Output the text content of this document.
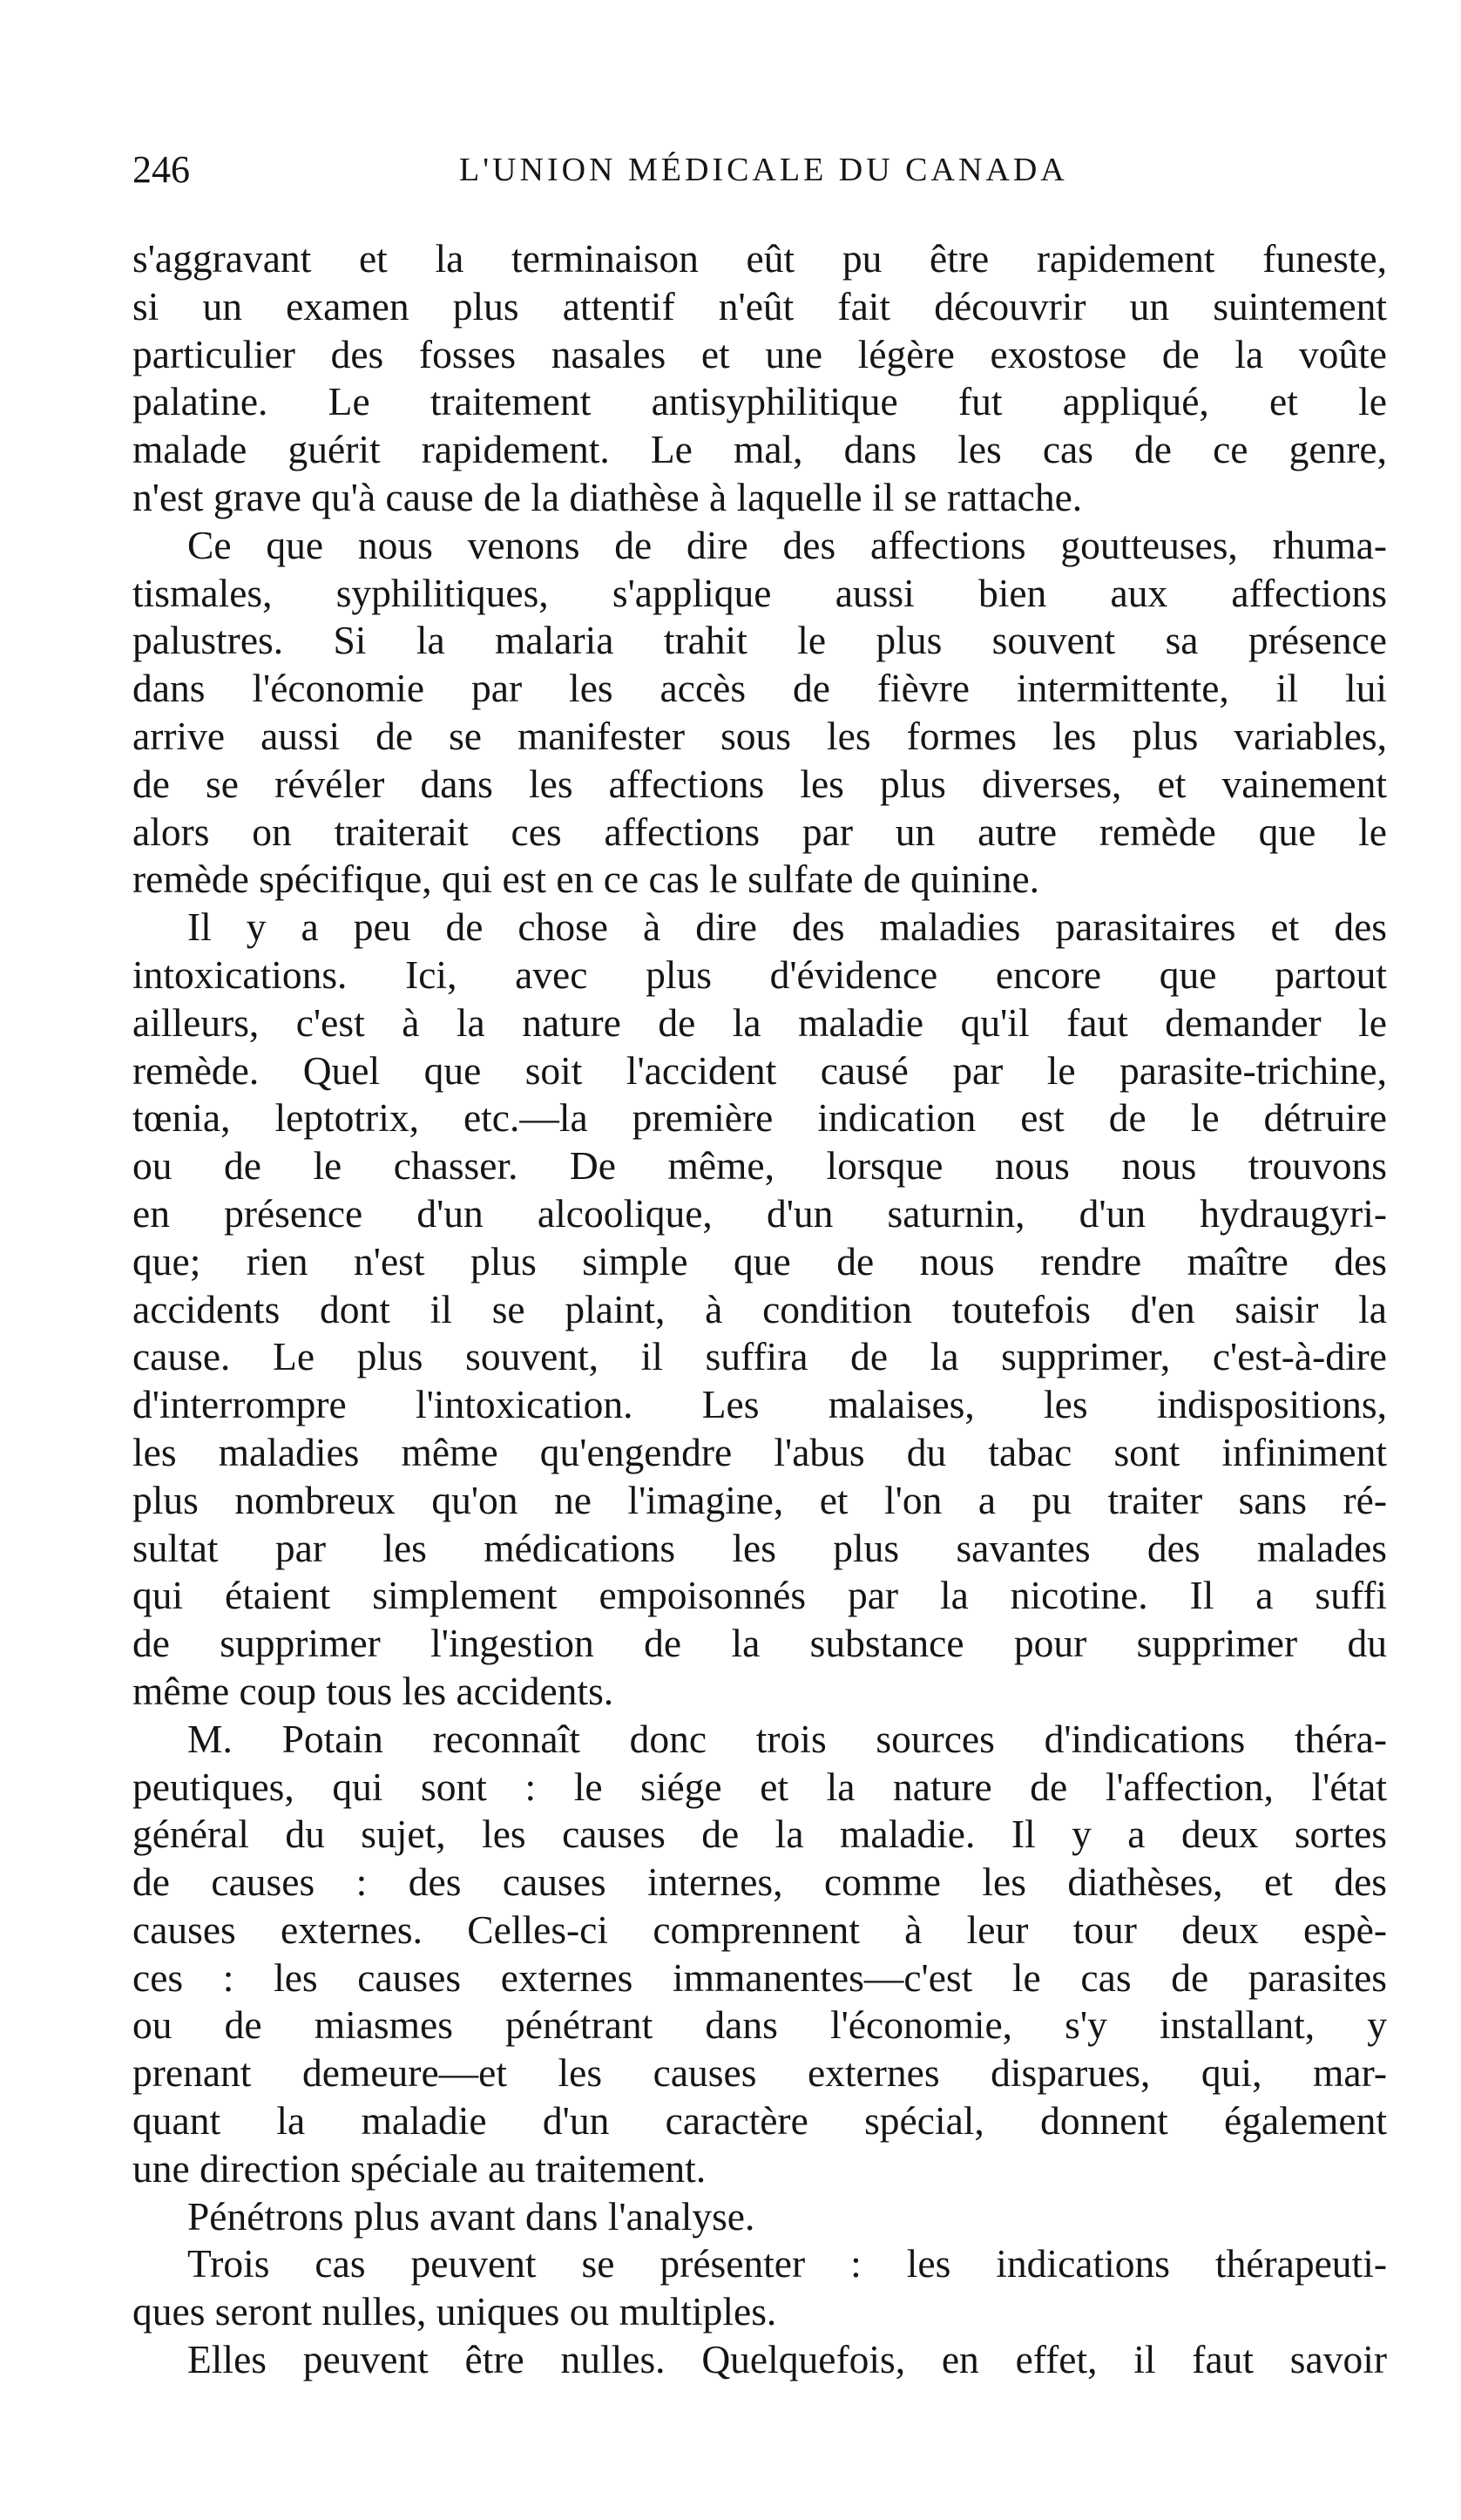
246	L'UNION MÉDICALE DU CANADA
s'aggravant et la terminaison eût pu être rapidement funeste,
si un examen plus attentif n'eût fait découvrir un suintement
particulier des fosses nasales et une légère exostose de la voûte
palatine. Le traitement antisyphilitique fut appliqué, et le
malade guérit rapidement. Le mal, dans les cas de ce genre,
n'est grave qu'à cause de la diathèse à laquelle il se rattache.
Ce que nous venons de dire des affections goutteuses, rhuma-
tismales, syphilitiques, s'applique aussi bien aux affections
palustres. Si la malaria trahit le plus souvent sa présence
dans l'économie par les accès de fièvre intermittente, il lui
arrive aussi de se manifester sous les formes les plus variables,
de se révéler dans les affections les plus diverses, et vainement
alors on traiterait ces affections par un autre remède que le
remède spécifique, qui est en ce cas le sulfate de quinine.
Il y a peu de chose à dire des maladies parasitaires et des
intoxications. Ici, avec plus d'évidence encore que partout
ailleurs, c'est à la nature de la maladie qu'il faut demander le
remède. Quel que soit l'accident causé par le parasite-trichine,
tœnia, leptotrix, etc.—la première indication est de le détruire
ou de le chasser. De même, lorsque nous nous trouvons
en présence d'un alcoolique, d'un saturnin, d'un hydraugyri-
que; rien n'est plus simple que de nous rendre maître des
accidents dont il se plaint, à condition toutefois d'en saisir la
cause. Le plus souvent, il suffira de la supprimer, c'est-à-dire
d'interrompre l'intoxication. Les malaises, les indispositions,
les maladies même qu'engendre l'abus du tabac sont infiniment
plus nombreux qu'on ne l'imagine, et l'on a pu traiter sans ré-
sultat par les médications les plus savantes des malades
qui étaient simplement empoisonnés par la nicotine. Il a suffi
de supprimer l'ingestion de la substance pour supprimer du
même coup tous les accidents.
M. Potain reconnaît donc trois sources d'indications théra-
peutiques, qui sont : le siége et la nature de l'affection, l'état
général du sujet, les causes de la maladie. Il y a deux sortes
de causes : des causes internes, comme les diathèses, et des
causes externes. Celles-ci comprennent à leur tour deux espè-
ces : les causes externes immanentes—c'est le cas de parasites
ou de miasmes pénétrant dans l'économie, s'y installant, y
prenant demeure—et les causes externes disparues, qui, mar-
quant la maladie d'un caractère spécial, donnent également
une direction spéciale au traitement.
Pénétrons plus avant dans l'analyse.
Trois cas peuvent se présenter : les indications thérapeuti-
ques seront nulles, uniques ou multiples.
Elles peuvent être nulles. Quelquefois, en effet, il faut savoir
